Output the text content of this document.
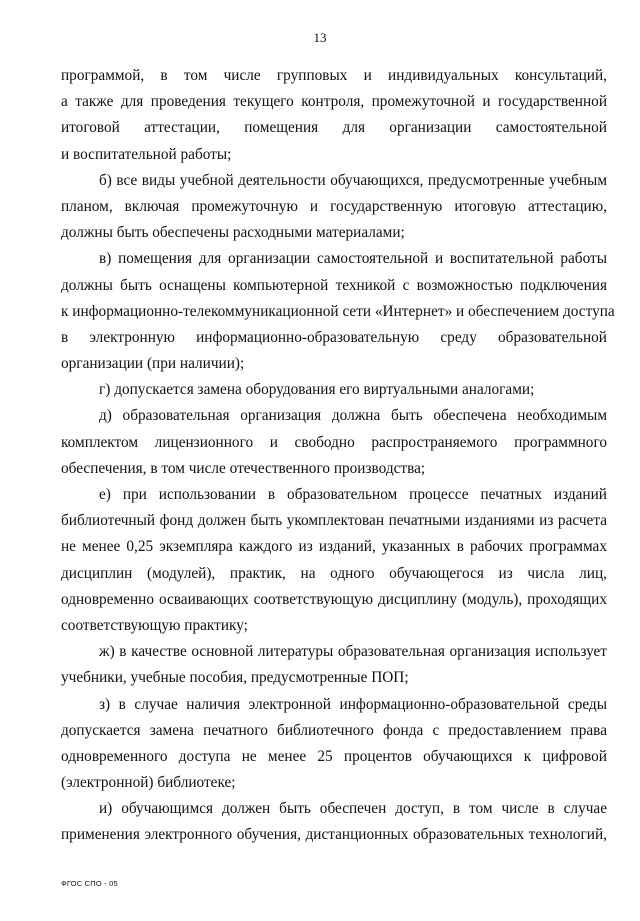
13
программой, в том числе групповых и индивидуальных консультаций,
а также для проведения текущего контроля, промежуточной и государственной
итоговой аттестации, помещения для организации самостоятельной
и воспитательной работы;
б) все виды учебной деятельности обучающихся, предусмотренные учебным
планом, включая промежуточную и государственную итоговую аттестацию,
должны быть обеспечены расходными материалами;
в) помещения для организации самостоятельной и воспитательной работы
должны быть оснащены компьютерной техникой с возможностью подключения
к информационно-телекоммуникационной сети «Интернет» и обеспечением доступа
в электронную информационно-образовательную среду образовательной
организации (при наличии);
г) допускается замена оборудования его виртуальными аналогами;
д) образовательная организация должна быть обеспечена необходимым
комплектом лицензионного и свободно распространяемого программного
обеспечения, в том числе отечественного производства;
е) при использовании в образовательном процессе печатных изданий
библиотечный фонд должен быть укомплектован печатными изданиями из расчета
не менее 0,25 экземпляра каждого из изданий, указанных в рабочих программах
дисциплин (модулей), практик, на одного обучающегося из числа лиц,
одновременно осваивающих соответствующую дисциплину (модуль), проходящих
соответствующую практику;
ж) в качестве основной литературы образовательная организация использует
учебники, учебные пособия, предусмотренные ПОП;
з) в случае наличия электронной информационно-образовательной среды
допускается замена печатного библиотечного фонда с предоставлением права
одновременного доступа не менее 25 процентов обучающихся к цифровой
(электронной) библиотеке;
и) обучающимся должен быть обеспечен доступ, в том числе в случае
применения электронного обучения, дистанционных образовательных технологий,
ФГОС СПО - 05
